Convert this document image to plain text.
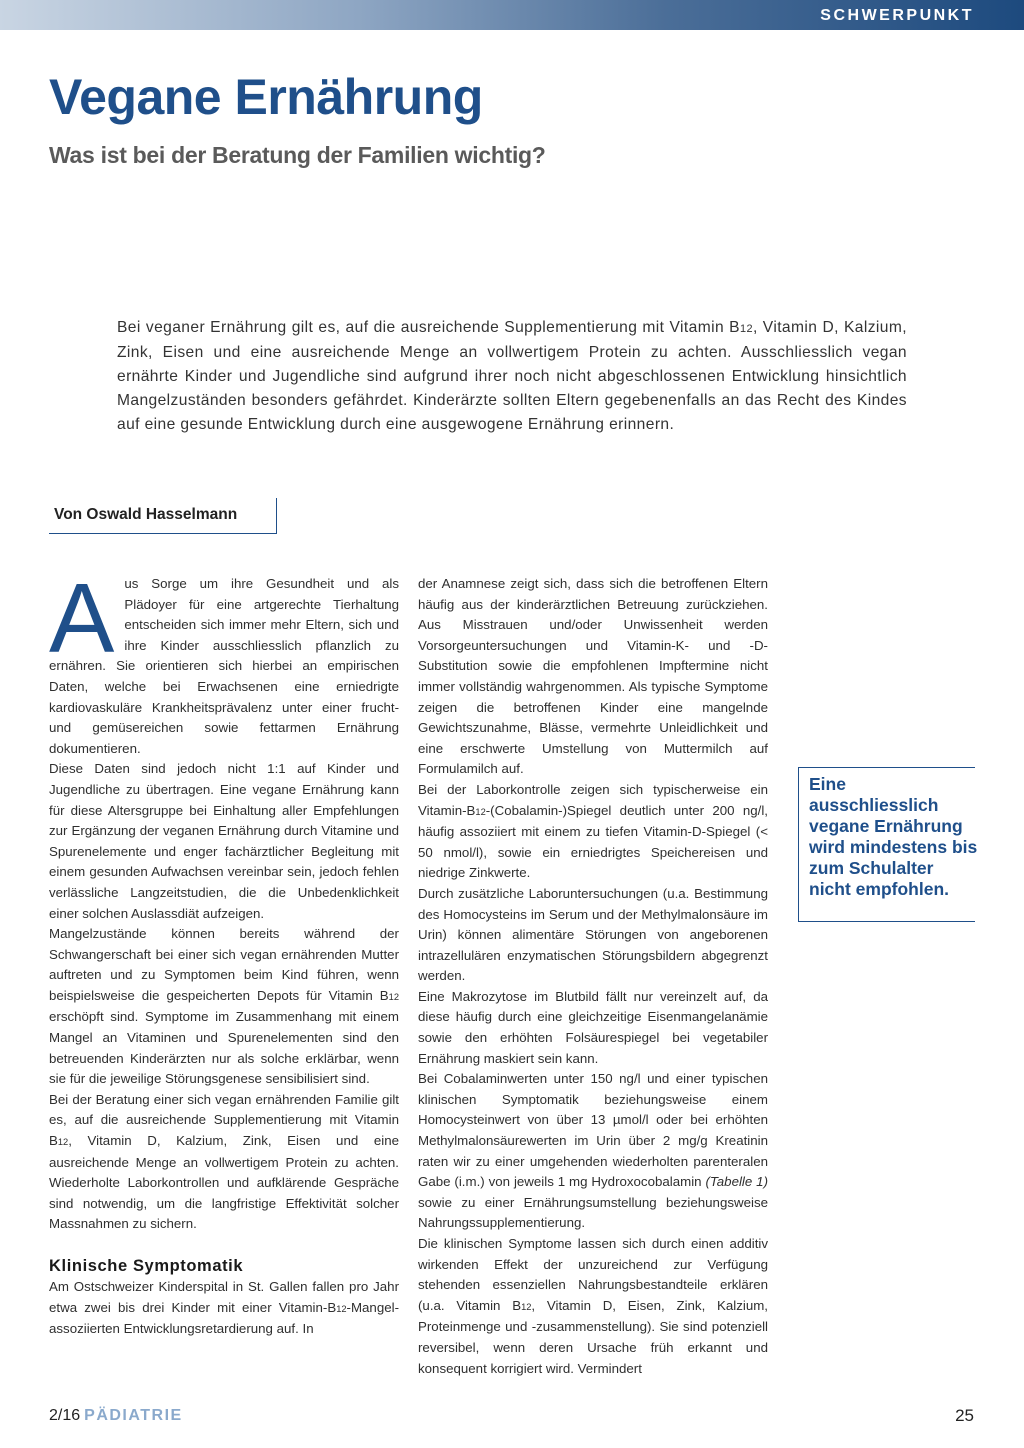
SCHWERPUNKT
Vegane Ernährung
Was ist bei der Beratung der Familien wichtig?
Bei veganer Ernährung gilt es, auf die ausreichende Supplementierung mit Vitamin B12, Vitamin D, Kalzium, Zink, Eisen und eine ausreichende Menge an vollwertigem Protein zu achten. Ausschliesslich vegan ernährte Kinder und Jugendliche sind aufgrund ihrer noch nicht abgeschlossenen Entwicklung hinsichtlich Mangelzuständen besonders gefährdet. Kinderärzte sollten Eltern gegebenenfalls an das Recht des Kindes auf eine gesunde Entwicklung durch eine ausgewogene Ernährung erinnern.
Von Oswald Hasselmann
A us Sorge um ihre Gesundheit und als Plädoyer für eine artgerechte Tierhaltung entscheiden sich immer mehr Eltern, sich und ihre Kinder ausschliesslich pflanzlich zu ernähren. Sie orientieren sich hierbei an empirischen Daten, welche bei Erwachsenen eine erniedrigte kardiovaskuläre Krankheitsprävalenz unter einer frucht- und gemüsereichen sowie fettarmen Ernährung dokumentieren.

Diese Daten sind jedoch nicht 1:1 auf Kinder und Jugendliche zu übertragen. Eine vegane Ernährung kann für diese Altersgruppe bei Einhaltung aller Empfehlungen zur Ergänzung der veganen Ernährung durch Vitamine und Spurenelemente und enger fachärztlicher Begleitung mit einem gesunden Aufwachsen vereinbar sein, jedoch fehlen verlässliche Langzeitstudien, die die Unbedenklichkeit einer solchen Auslassdiät aufzeigen.

Mangelzustände können bereits während der Schwangerschaft bei einer sich vegan ernährenden Mutter auftreten und zu Symptomen beim Kind führen, wenn beispielsweise die gespeicherten Depots für Vitamin B12 erschöpft sind. Symptome im Zusammenhang mit einem Mangel an Vitaminen und Spurenelementen sind den betreuenden Kinderärzten nur als solche erklärbar, wenn sie für die jeweilige Störungsgenese sensibilisiert sind.

Bei der Beratung einer sich vegan ernährenden Familie gilt es, auf die ausreichende Supplementierung mit Vitamin B12, Vitamin D, Kalzium, Zink, Eisen und eine ausreichende Menge an vollwertigem Protein zu achten. Wiederholte Laborkontrollen und aufklärende Gespräche sind notwendig, um die langfristige Effektivität solcher Massnahmen zu sichern.

Klinische Symptomatik

Am Ostschweizer Kinderspital in St. Gallen fallen pro Jahr etwa zwei bis drei Kinder mit einer Vitamin-B12-Mangel-assoziierten Entwicklungsretardierung auf. In

der Anamnese zeigt sich, dass sich die betroffenen Eltern häufig aus der kinderärztlichen Betreuung zurückziehen. Aus Misstrauen und/oder Unwissenheit werden Vorsorgeuntersuchungen und Vitamin-K- und -D-Substitution sowie die empfohlenen Impftermine nicht immer vollständig wahrgenommen. Als typische Symptome zeigen die betroffenen Kinder eine mangelnde Gewichtszunahme, Blässe, vermehrte Unleidlichkeit und eine erschwerte Umstellung von Muttermilch auf Formulamilch auf.

Bei der Laborkontrolle zeigen sich typischerweise ein Vitamin-B12-(Cobalamin-)Spiegel deutlich unter 200 ng/l, häufig assoziiert mit einem zu tiefen Vitamin-D-Spiegel (< 50 nmol/l), sowie ein erniedrigtes Speichereisen und niedrige Zinkwerte.

Durch zusätzliche Laboruntersuchungen (u.a. Bestimmung des Homocysteins im Serum und der Methylmalonsäure im Urin) können alimentäre Störungen von angeborenen intrazellulären enzymatischen Störungsbildern abgegrenzt werden.

Eine Makrozytose im Blutbild fällt nur vereinzelt auf, da diese häufig durch eine gleichzeitige Eisenmangelanämie sowie den erhöhten Folsäurespiegel bei vegetabiler Ernährung maskiert sein kann.

Bei Cobalaminwerten unter 150 ng/l und einer typischen klinischen Symptomatik beziehungsweise einem Homocysteinwert von über 13 µmol/l oder bei erhöhten Methylmalonsäurewerten im Urin über 2 mg/g Kreatinin raten wir zu einer umgehenden wiederholten parenteralen Gabe (i.m.) von jeweils 1 mg Hydroxocobalamin (Tabelle 1) sowie zu einer Ernährungsumstellung beziehungsweise Nahrungssupplementierung.

Die klinischen Symptome lassen sich durch einen additiv wirkenden Effekt der unzureichend zur Verfügung stehenden essenziellen Nahrungsbestandteile erklären (u.a. Vitamin B12, Vitamin D, Eisen, Zink, Kalzium, Proteinmenge und -zusammenstellung). Sie sind potenziell reversibel, wenn deren Ursache früh erkannt und konsequent korrigiert wird. Vermindert

Eine ausschliesslich vegane Ernährung wird mindestens bis zum Schulalter nicht empfohlen.
2/16 PÄDIATRIE	25
